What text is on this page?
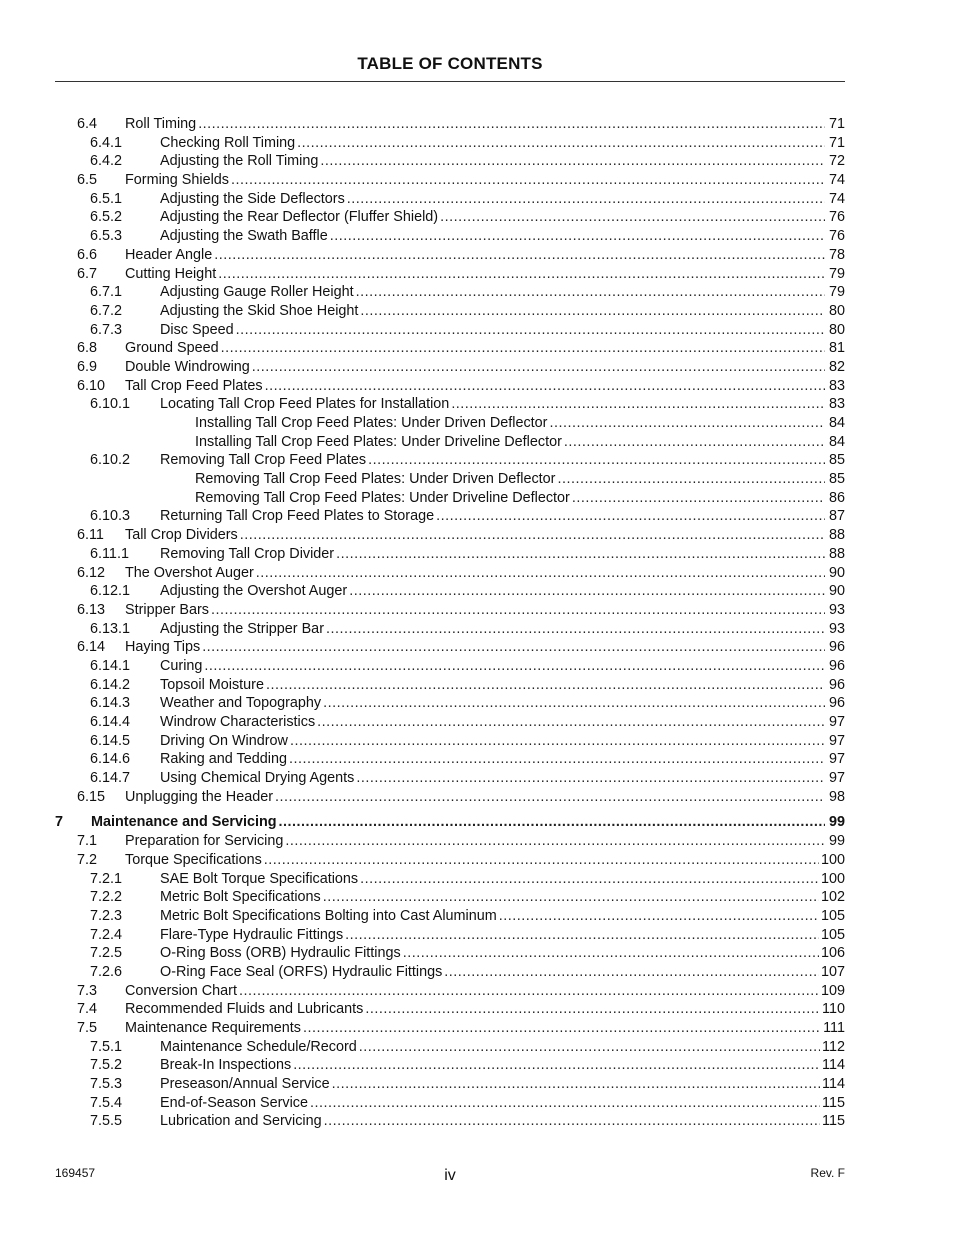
TABLE OF CONTENTS
6.4	Roll Timing .....	71
6.4.1	Checking Roll Timing .....	71
6.4.2	Adjusting the Roll Timing .....	72
6.5	Forming Shields .....	74
6.5.1	Adjusting the Side Deflectors .....	74
6.5.2	Adjusting the Rear Deflector (Fluffer Shield) .....	76
6.5.3	Adjusting the Swath Baffle .....	76
6.6	Header Angle .....	78
6.7	Cutting Height .....	79
6.7.1	Adjusting Gauge Roller Height .....	79
6.7.2	Adjusting the Skid Shoe Height .....	80
6.7.3	Disc Speed .....	80
6.8	Ground Speed .....	81
6.9	Double Windrowing .....	82
6.10	Tall Crop Feed Plates .....	83
6.10.1	Locating Tall Crop Feed Plates for Installation .....	83
Installing Tall Crop Feed Plates: Under Driven Deflector .....	84
Installing Tall Crop Feed Plates: Under Driveline Deflector .....	84
6.10.2	Removing Tall Crop Feed Plates .....	85
Removing Tall Crop Feed Plates: Under Driven Deflector .....	85
Removing Tall Crop Feed Plates: Under Driveline Deflector .....	86
6.10.3	Returning Tall Crop Feed Plates to Storage .....	87
6.11	Tall Crop Dividers .....	88
6.11.1	Removing Tall Crop Divider .....	88
6.12	The Overshot Auger .....	90
6.12.1	Adjusting the Overshot Auger .....	90
6.13	Stripper Bars .....	93
6.13.1	Adjusting the Stripper Bar .....	93
6.14	Haying Tips .....	96
6.14.1	Curing .....	96
6.14.2	Topsoil Moisture .....	96
6.14.3	Weather and Topography .....	96
6.14.4	Windrow Characteristics .....	97
6.14.5	Driving On Windrow .....	97
6.14.6	Raking and Tedding .....	97
6.14.7	Using Chemical Drying Agents .....	97
6.15	Unplugging the Header .....	98
7	Maintenance and Servicing .....	99
7.1	Preparation for Servicing .....	99
7.2	Torque Specifications .....	100
7.2.1	SAE Bolt Torque Specifications .....	100
7.2.2	Metric Bolt Specifications .....	102
7.2.3	Metric Bolt Specifications Bolting into Cast Aluminum .....	105
7.2.4	Flare-Type Hydraulic Fittings .....	105
7.2.5	O-Ring Boss (ORB) Hydraulic Fittings .....	106
7.2.6	O-Ring Face Seal (ORFS) Hydraulic Fittings .....	107
7.3	Conversion Chart .....	109
7.4	Recommended Fluids and Lubricants .....	110
7.5	Maintenance Requirements .....	111
7.5.1	Maintenance Schedule/Record .....	112
7.5.2	Break-In Inspections .....	114
7.5.3	Preseason/Annual Service .....	114
7.5.4	End-of-Season Service .....	115
7.5.5	Lubrication and Servicing .....	115
169457	iv	Rev. F
